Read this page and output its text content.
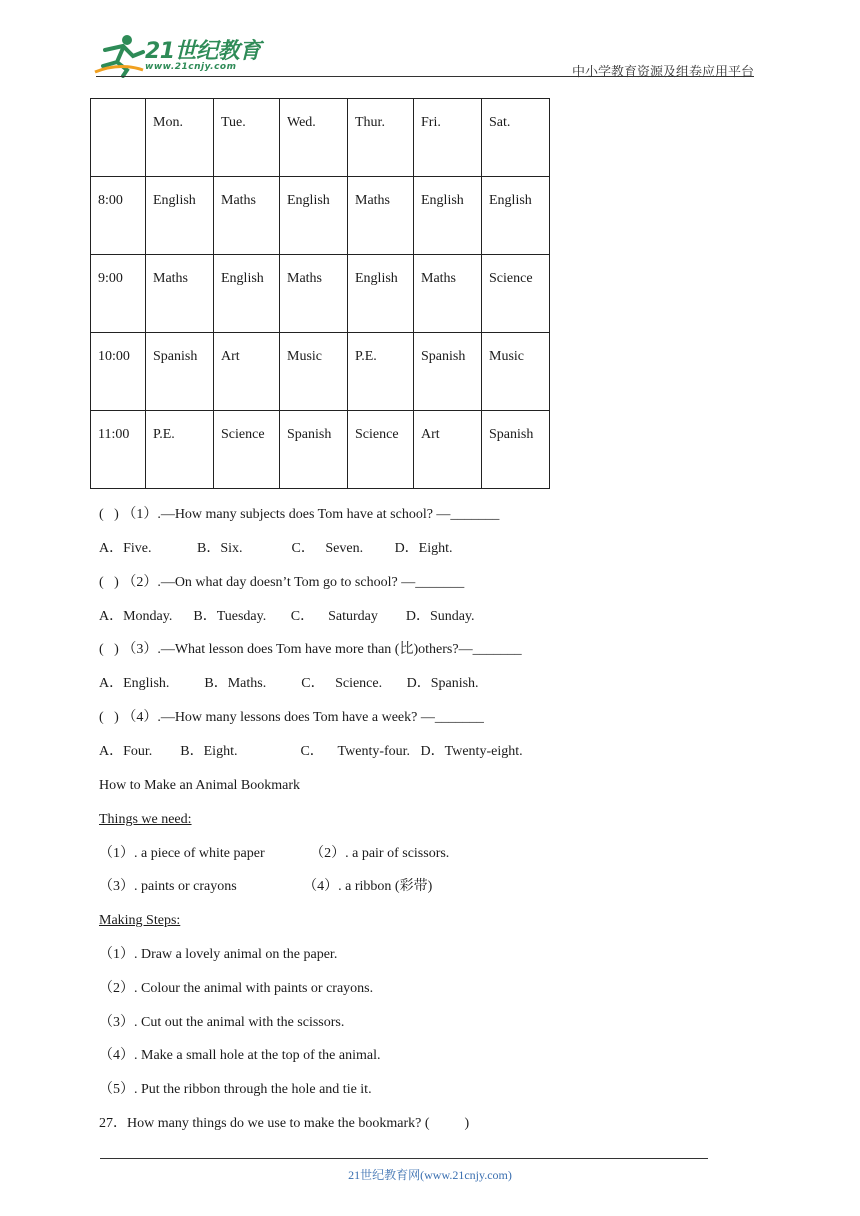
21世纪教育
www.21cnjy.com	中小学教育资源及组卷应用平台
	Mon.	Tue.	Wed.	Thur.	Fri.	Sat.
8:00	English	Maths	English	Maths	English	English
9:00	Maths	English	Maths	English	Maths	Science
10:00	Spanish	Art	Music	P.E.	Spanish	Music
11:00	P.E.	Science	Spanish	Science	Art	Spanish
(   ) （1）.—How many subjects does Tom have at school? —_______
A．Five.             B．Six.              C．   Seven.         D．Eight.
(   ) （2）.—On what day doesn’t Tom go to school? —_______
A．Monday.      B．Tuesday.       C．    Saturday        D．Sunday.
(   ) （3）.—What lesson does Tom have more than (比)others?—_______
A．English.          B．Maths.          C．   Science.       D．Spanish.
(   ) （4）.—How many lessons does Tom have a week? —_______
A．Four.        B．Eight.                  C．    Twenty-four.   D．Twenty-eight.
How to Make an Animal Bookmark
Things we need:
（1）. a piece of white paper             （2）. a pair of scissors.
（3）. paints or crayons                   （4）. a ribbon (彩带)
Making Steps:
（1）. Draw a lovely animal on the paper.
（2）. Colour the animal with paints or crayons.
（3）. Cut out the animal with the scissors.
（4）. Make a small hole at the top of the animal.
（5）. Put the ribbon through the hole and tie it.
27．How many things do we use to make the bookmark? (          )
21世纪教育网(www.21cnjy.com)
